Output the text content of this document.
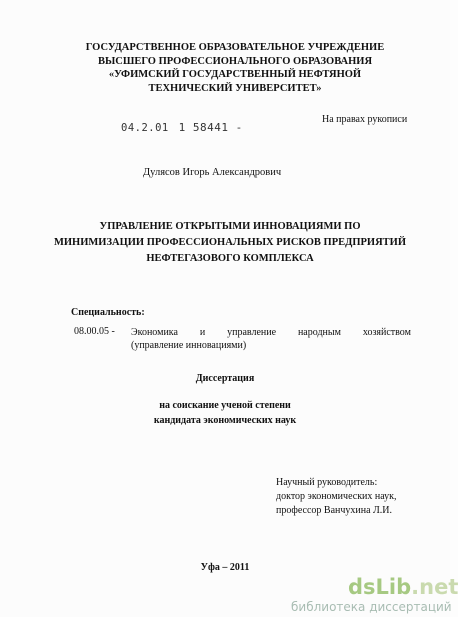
ГОСУДАРСТВЕННОЕ ОБРАЗОВАТЕЛЬНОЕ УЧРЕЖДЕНИЕ
ВЫСШЕГО ПРОФЕССИОНАЛЬНОГО ОБРАЗОВАНИЯ
«УФИМСКИЙ ГОСУДАРСТВЕННЫЙ НЕФТЯНОЙ
ТЕХНИЧЕСКИЙ УНИВЕРСИТЕТ»
04.2.01 1 58441 -
На правах рукописи
Дулясов Игорь Александрович
УПРАВЛЕНИЕ ОТКРЫТЫМИ ИННОВАЦИЯМИ ПО
МИНИМИЗАЦИИ ПРОФЕССИОНАЛЬНЫХ РИСКОВ ПРЕДПРИЯТИЙ
НЕФТЕГАЗОВОГО КОМПЛЕКСА
Специальность:
08.00.05 - Экономика и управление народным хозяйством
(управление инновациями)
Диссертация
на соискание ученой степени
кандидата экономических наук
Научный руководитель:
доктор экономических наук,
профессор Ванчухина Л.И.
Уфа – 2011
dsLib.net
библиотека диссертаций
